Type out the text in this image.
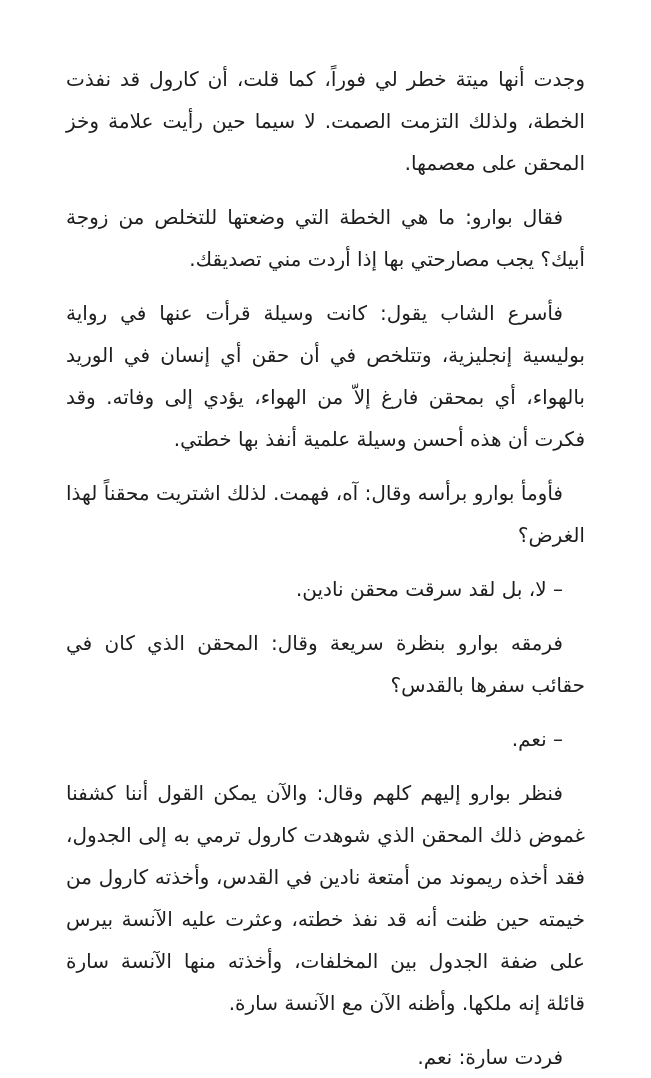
وجدت أنها ميتة خطر لي فوراً، كما قلت، أن كارول قد نفذت الخطة، ولذلك التزمت الصمت. لا سيما حين رأيت علامة وخز المحقن على معصمها.

فقال بوارو: ما هي الخطة التي وضعتها للتخلص من زوجة أبيك؟ يجب مصارحتي بها إذا أردت مني تصديقك.

فأسرع الشاب يقول: كانت وسيلة قرأت عنها في رواية بوليسية إنجليزية، وتتلخص في أن حقن أي إنسان في الوريد بالهواء، أي بمحقن فارغ إلاّ من الهواء، يؤدي إلى وفاته. وقد فكرت أن هذه أحسن وسيلة علمية أنفذ بها خطتي.

فأومأ بوارو برأسه وقال: آه، فهمت. لذلك اشتريت محقناً لهذا الغرض؟

– لا، بل لقد سرقت محقن نادين.

فرمقه بوارو بنظرة سريعة وقال: المحقن الذي كان في حقائب سفرها بالقدس؟

– نعم.

فنظر بوارو إليهم كلهم وقال: والآن يمكن القول أننا كشفنا غموض ذلك المحقن الذي شوهدت كارول ترمي به إلى الجدول، فقد أخذه ريموند من أمتعة نادين في القدس، وأخذته كارول من خيمته حين ظنت أنه قد نفذ خطته، وعثرت عليه الآنسة بيرس على ضفة الجدول بين المخلفات، وأخذته منها الآنسة سارة قائلة إنه ملكها. وأظنه الآن مع الآنسة سارة.

فردت سارة: نعم.
